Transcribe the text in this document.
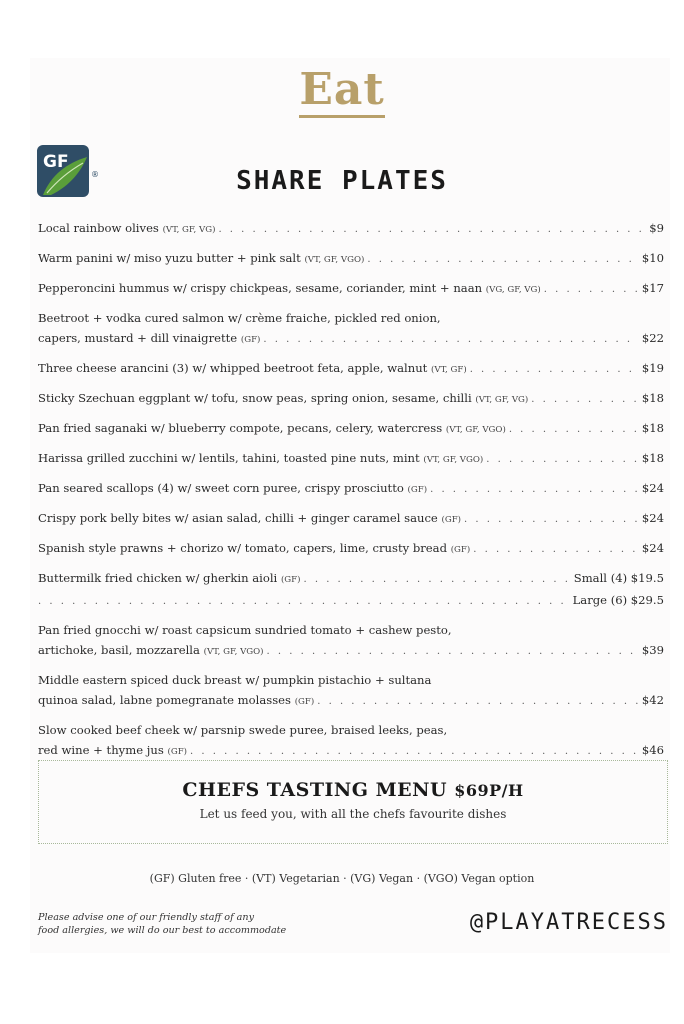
Eat
GF
®	SHARE PLATES
Local rainbow olives (VT, GF, VG) . . .	$9
Warm panini w/ miso yuzu butter + pink salt (VT, GF, VGO) . . .	$10
Pepperoncini hummus w/ crispy chickpeas, sesame, coriander, mint + naan (VG, GF, VG) . . .	$17
Beetroot + vodka cured salmon w/ crème fraiche, pickled red onion,
capers, mustard + dill vinaigrette (GF) . . .	$22
Three cheese arancini (3) w/ whipped beetroot feta, apple, walnut (VT, GF) . . .	$19
Sticky Szechuan eggplant w/ tofu, snow peas, spring onion, sesame, chilli (VT, GF, VG) . . .	$18
Pan fried saganaki w/ blueberry compote, pecans, celery, watercress (VT, GF, VGO) . . .	$18
Harissa grilled zucchini w/ lentils, tahini, toasted pine nuts, mint (VT, GF, VGO) . . .	$18
Pan seared scallops (4) w/ sweet corn puree, crispy prosciutto (GF) . . .	$24
Crispy pork belly bites w/ asian salad, chilli + ginger caramel sauce (GF) . . .	$24
Spanish style prawns + chorizo w/ tomato, capers, lime, crusty bread (GF) . . .	$24
Buttermilk fried chicken w/ gherkin aioli (GF) . . .	Small (4) $19.5
. . .
Large (6) $29.5
Pan fried gnocchi w/ roast capsicum sundried tomato + cashew pesto,
artichoke, basil, mozzarella (VT, GF, VGO) . . .	$39
Middle eastern spiced duck breast w/ pumpkin pistachio + sultana
quinoa salad, labne pomegranate molasses (GF) . . .	$42
Slow cooked beef cheek w/ parsnip swede puree, braised leeks, peas,
red wine + thyme jus (GF) . . .	$46
CHEFS TASTING MENU $69P/H
Let us feed you, with all the chefs favourite dishes
(GF) Gluten free · (VT) Vegetarian · (VG) Vegan · (VGO) Vegan option
Please advise one of our friendly staff of any
food allergies, we will do our best to accommodate	@PLAYATRECESS
